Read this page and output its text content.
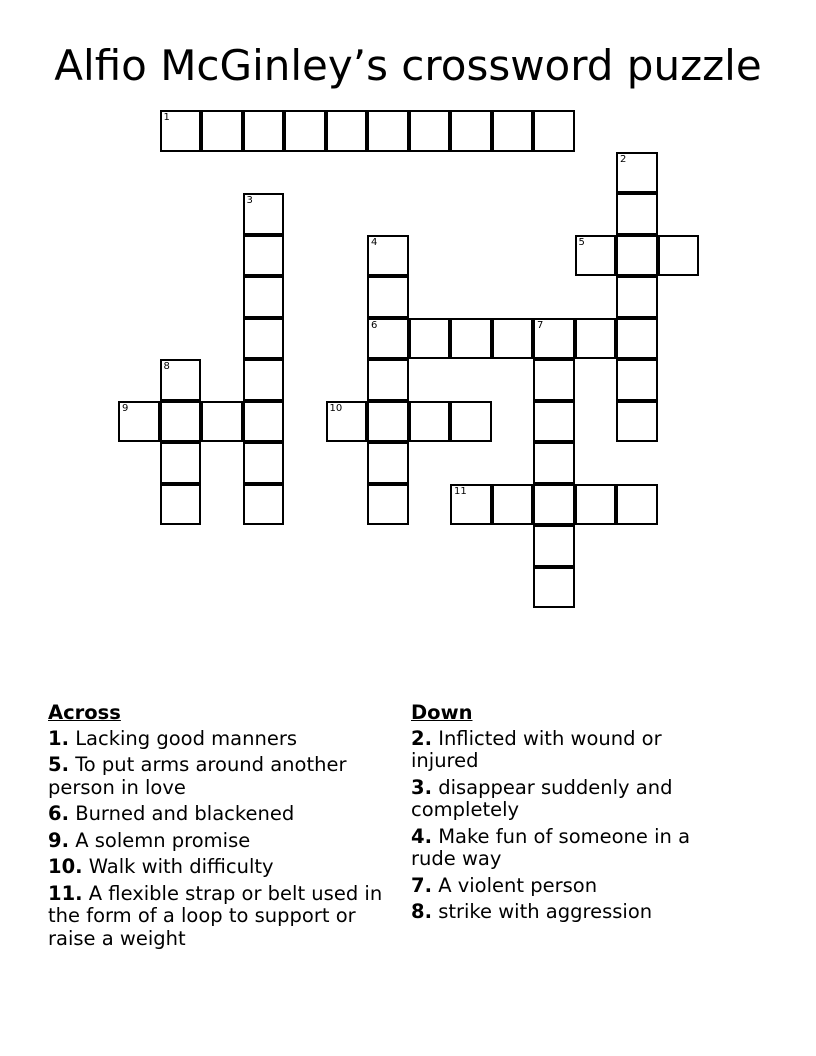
Alfio McGinley’s crossword puzzle
1
2
3
4
6
5
7
8
9	10
11
Across
1. Lacking good manners
5. To put arms around another person in love
6. Burned and blackened
9. A solemn promise
10. Walk with difficulty
11. A flexible strap or belt used in the form of a loop to support or raise a weight
Down
2. Inflicted with wound or injured
3. disappear suddenly and completely
4. Make fun of someone in a rude way
7. A violent person
8. strike with aggression
